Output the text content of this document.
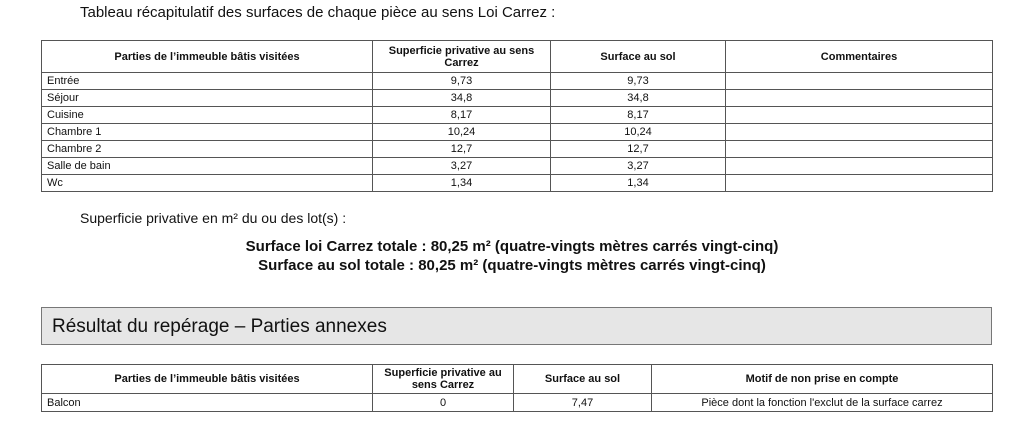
Tableau récapitulatif des surfaces de chaque pièce au sens Loi Carrez :
Parties de l’immeuble bâtis visitées	Superficie privative au sens Carrez	Surface au sol	Commentaires
Entrée	9,73	9,73	
Séjour	34,8	34,8	
Cuisine	8,17	8,17	
Chambre 1	10,24	10,24	
Chambre 2	12,7	12,7	
Salle de bain	3,27	3,27	
Wc	1,34	1,34	
Superficie privative en m² du ou des lot(s) :
Surface loi Carrez totale : 80,25 m² (quatre-vingts mètres carrés vingt-cinq)
Surface au sol totale : 80,25 m² (quatre-vingts mètres carrés vingt-cinq)
Résultat du repérage – Parties annexes
Parties de l’immeuble bâtis visitées	Superficie privative au sens Carrez	Surface au sol	Motif de non prise en compte
Balcon	0	7,47	Pièce dont la fonction l'exclut de la surface carrez
